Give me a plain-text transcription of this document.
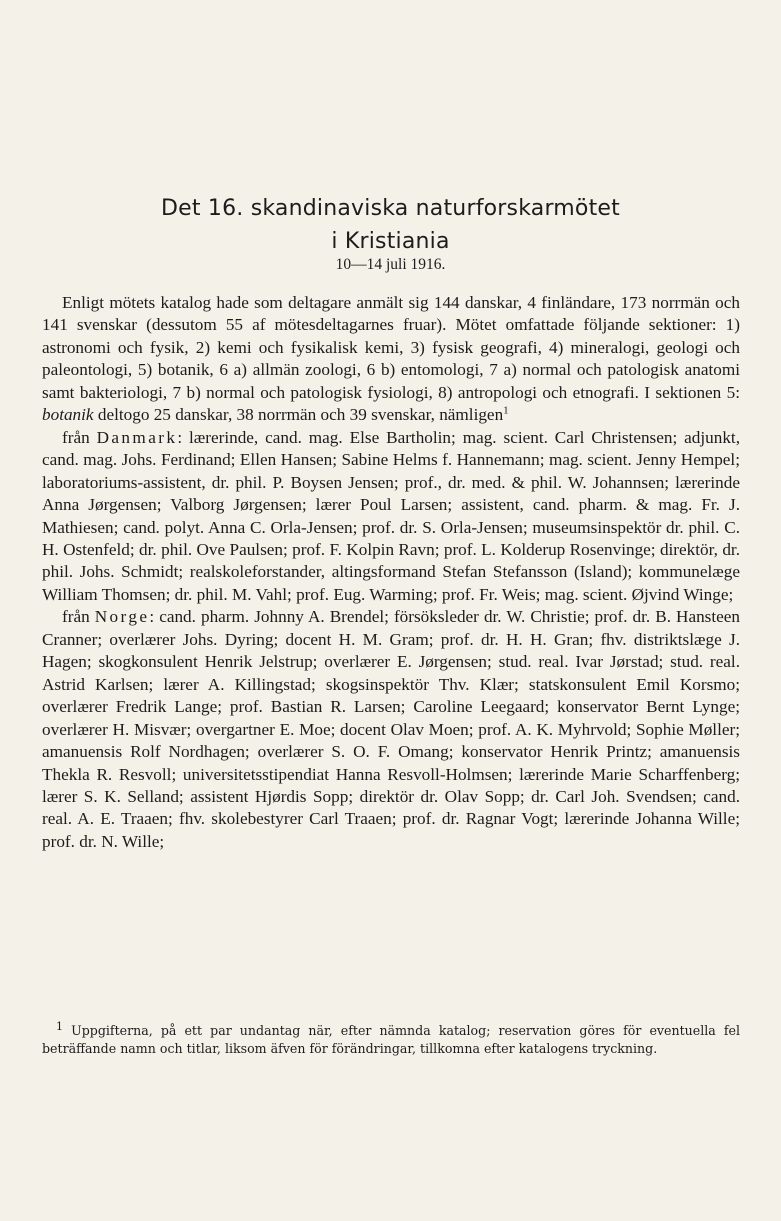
Det 16. skandinaviska naturforskarmötet
i Kristiania
10—14 juli 1916.

Enligt mötets katalog hade som deltagare anmält sig 144 danskar, 4 finländare, 173 norrmän och 141 svenskar (dessutom 55 af mötesdeltagarnes fruar). Mötet omfattade följande sektioner: 1) astronomi och fysik, 2) kemi och fysikalisk kemi, 3) fysisk geografi, 4) mineralogi, geologi och paleontologi, 5) botanik, 6 a) allmän zoologi, 6 b) entomologi, 7 a) normal och patologisk anatomi samt bakteriologi, 7 b) normal och patologisk fysiologi, 8) antropologi och etnografi. I sektionen 5: botanik deltogo 25 danskar, 38 norrmän och 39 svenskar, nämligen$^1$

från Danmark: lærerinde, cand. mag. Else Bartholin; mag. scient. Carl Christensen; adjunkt, cand. mag. Johs. Ferdinand; Ellen Hansen; Sabine Helms f. Hannemann; mag. scient. Jenny Hempel; laboratoriums-assistent, dr. phil. P. Boysen Jensen; prof., dr. med. & phil. W. Johannsen; lærerinde Anna Jørgensen; Valborg Jørgensen; lærer Poul Larsen; assistent, cand. pharm. & mag. Fr. J. Mathiesen; cand. polyt. Anna C. Orla-Jensen; prof. dr. S. Orla-Jensen; museumsinspektör dr. phil. C. H. Ostenfeld; dr. phil. Ove Paulsen; prof. F. Kolpin Ravn; prof. L. Kolderup Rosenvinge; direktör, dr. phil. Johs. Schmidt; realskoleforstander, altingsformand Stefan Stefansson (Island); kommunelæge William Thomsen; dr. phil. M. Vahl; prof. Eug. Warming; prof. Fr. Weis; mag. scient. Øjvind Winge;

från Norge: cand. pharm. Johnny A. Brendel; försöksleder dr. W. Christie; prof. dr. B. Hansteen Cranner; overlærer Johs. Dyring; docent H. M. Gram; prof. dr. H. H. Gran; fhv. distriktslæge J. Hagen; skogkonsulent Henrik Jelstrup; overlærer E. Jørgensen; stud. real. Ivar Jørstad; stud. real. Astrid Karlsen; lærer A. Killingstad; skogsinspektör Thv. Klær; statskonsulent Emil Korsmo; overlærer Fredrik Lange; prof. Bastian R. Larsen; Caroline Leegaard; konservator Bernt Lynge; overlærer H. Misvær; overgartner E. Moe; docent Olav Moen; prof. A. K. Myhrvold; Sophie Møller; amanuensis Rolf Nordhagen; overlærer S. O. F. Omang; konservator Henrik Printz; amanuensis Thekla R. Resvoll; universitetsstipendiat Hanna Resvoll-Holmsen; lærerinde Marie Scharffenberg; lærer S. K. Selland; assistent Hjørdis Sopp; direktör dr. Olav Sopp; dr. Carl Joh. Svendsen; cand. real. A. E. Traaen; fhv. skolebestyrer Carl Traaen; prof. dr. Ragnar Vogt; lærerinde Johanna Wille; prof. dr. N. Wille;

$^1$ Uppgifterna, på ett par undantag när, efter nämnda katalog; reservation göres för eventuella fel beträffande namn och titlar, liksom äfven för förändringar, tillkomna efter katalogens tryckning.
